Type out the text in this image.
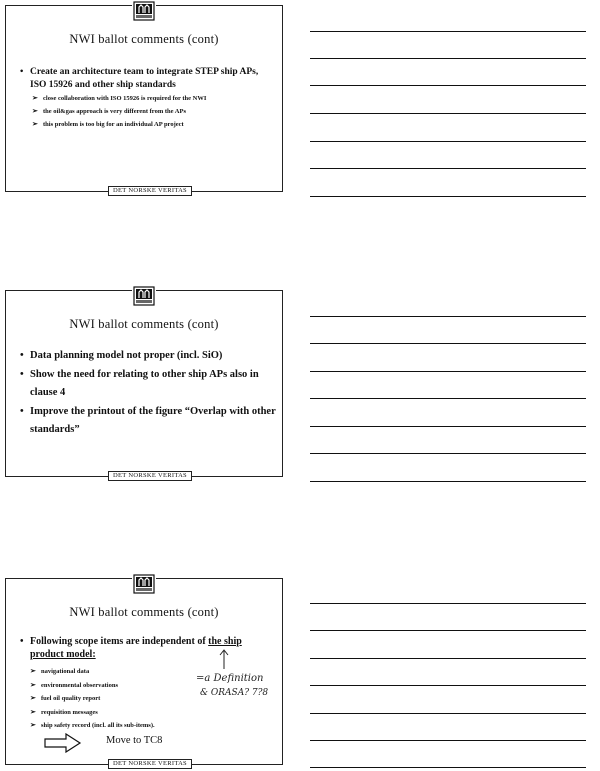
NWI ballot comments (cont)
• Create an architecture team to integrate STEP ship APs, ISO 15926 and other ship standards
➢ close collaboration with ISO 15926 is required for the NWI
➢ the oil&gas approach is very different from the APs
➢ this problem is too big for an individual AP project
DET NORSKE VERITAS
NWI ballot comments (cont)
• Data planning model not proper (incl. SiO)
• Show the need for relating to other ship APs also in clause 4
• Improve the printout of the figure “Overlap with other standards”
DET NORSKE VERITAS
NWI ballot comments (cont)
• Following scope items are independent of the ship product model:
➢ navigational data
➢ environmental observations
➢ fuel oil quality report
➢ requisition messages
➢ ship safety record (incl. all its sub-items).
=a Definition
& ORASA? 7?8
Move to TC8
DET NORSKE VERITAS
